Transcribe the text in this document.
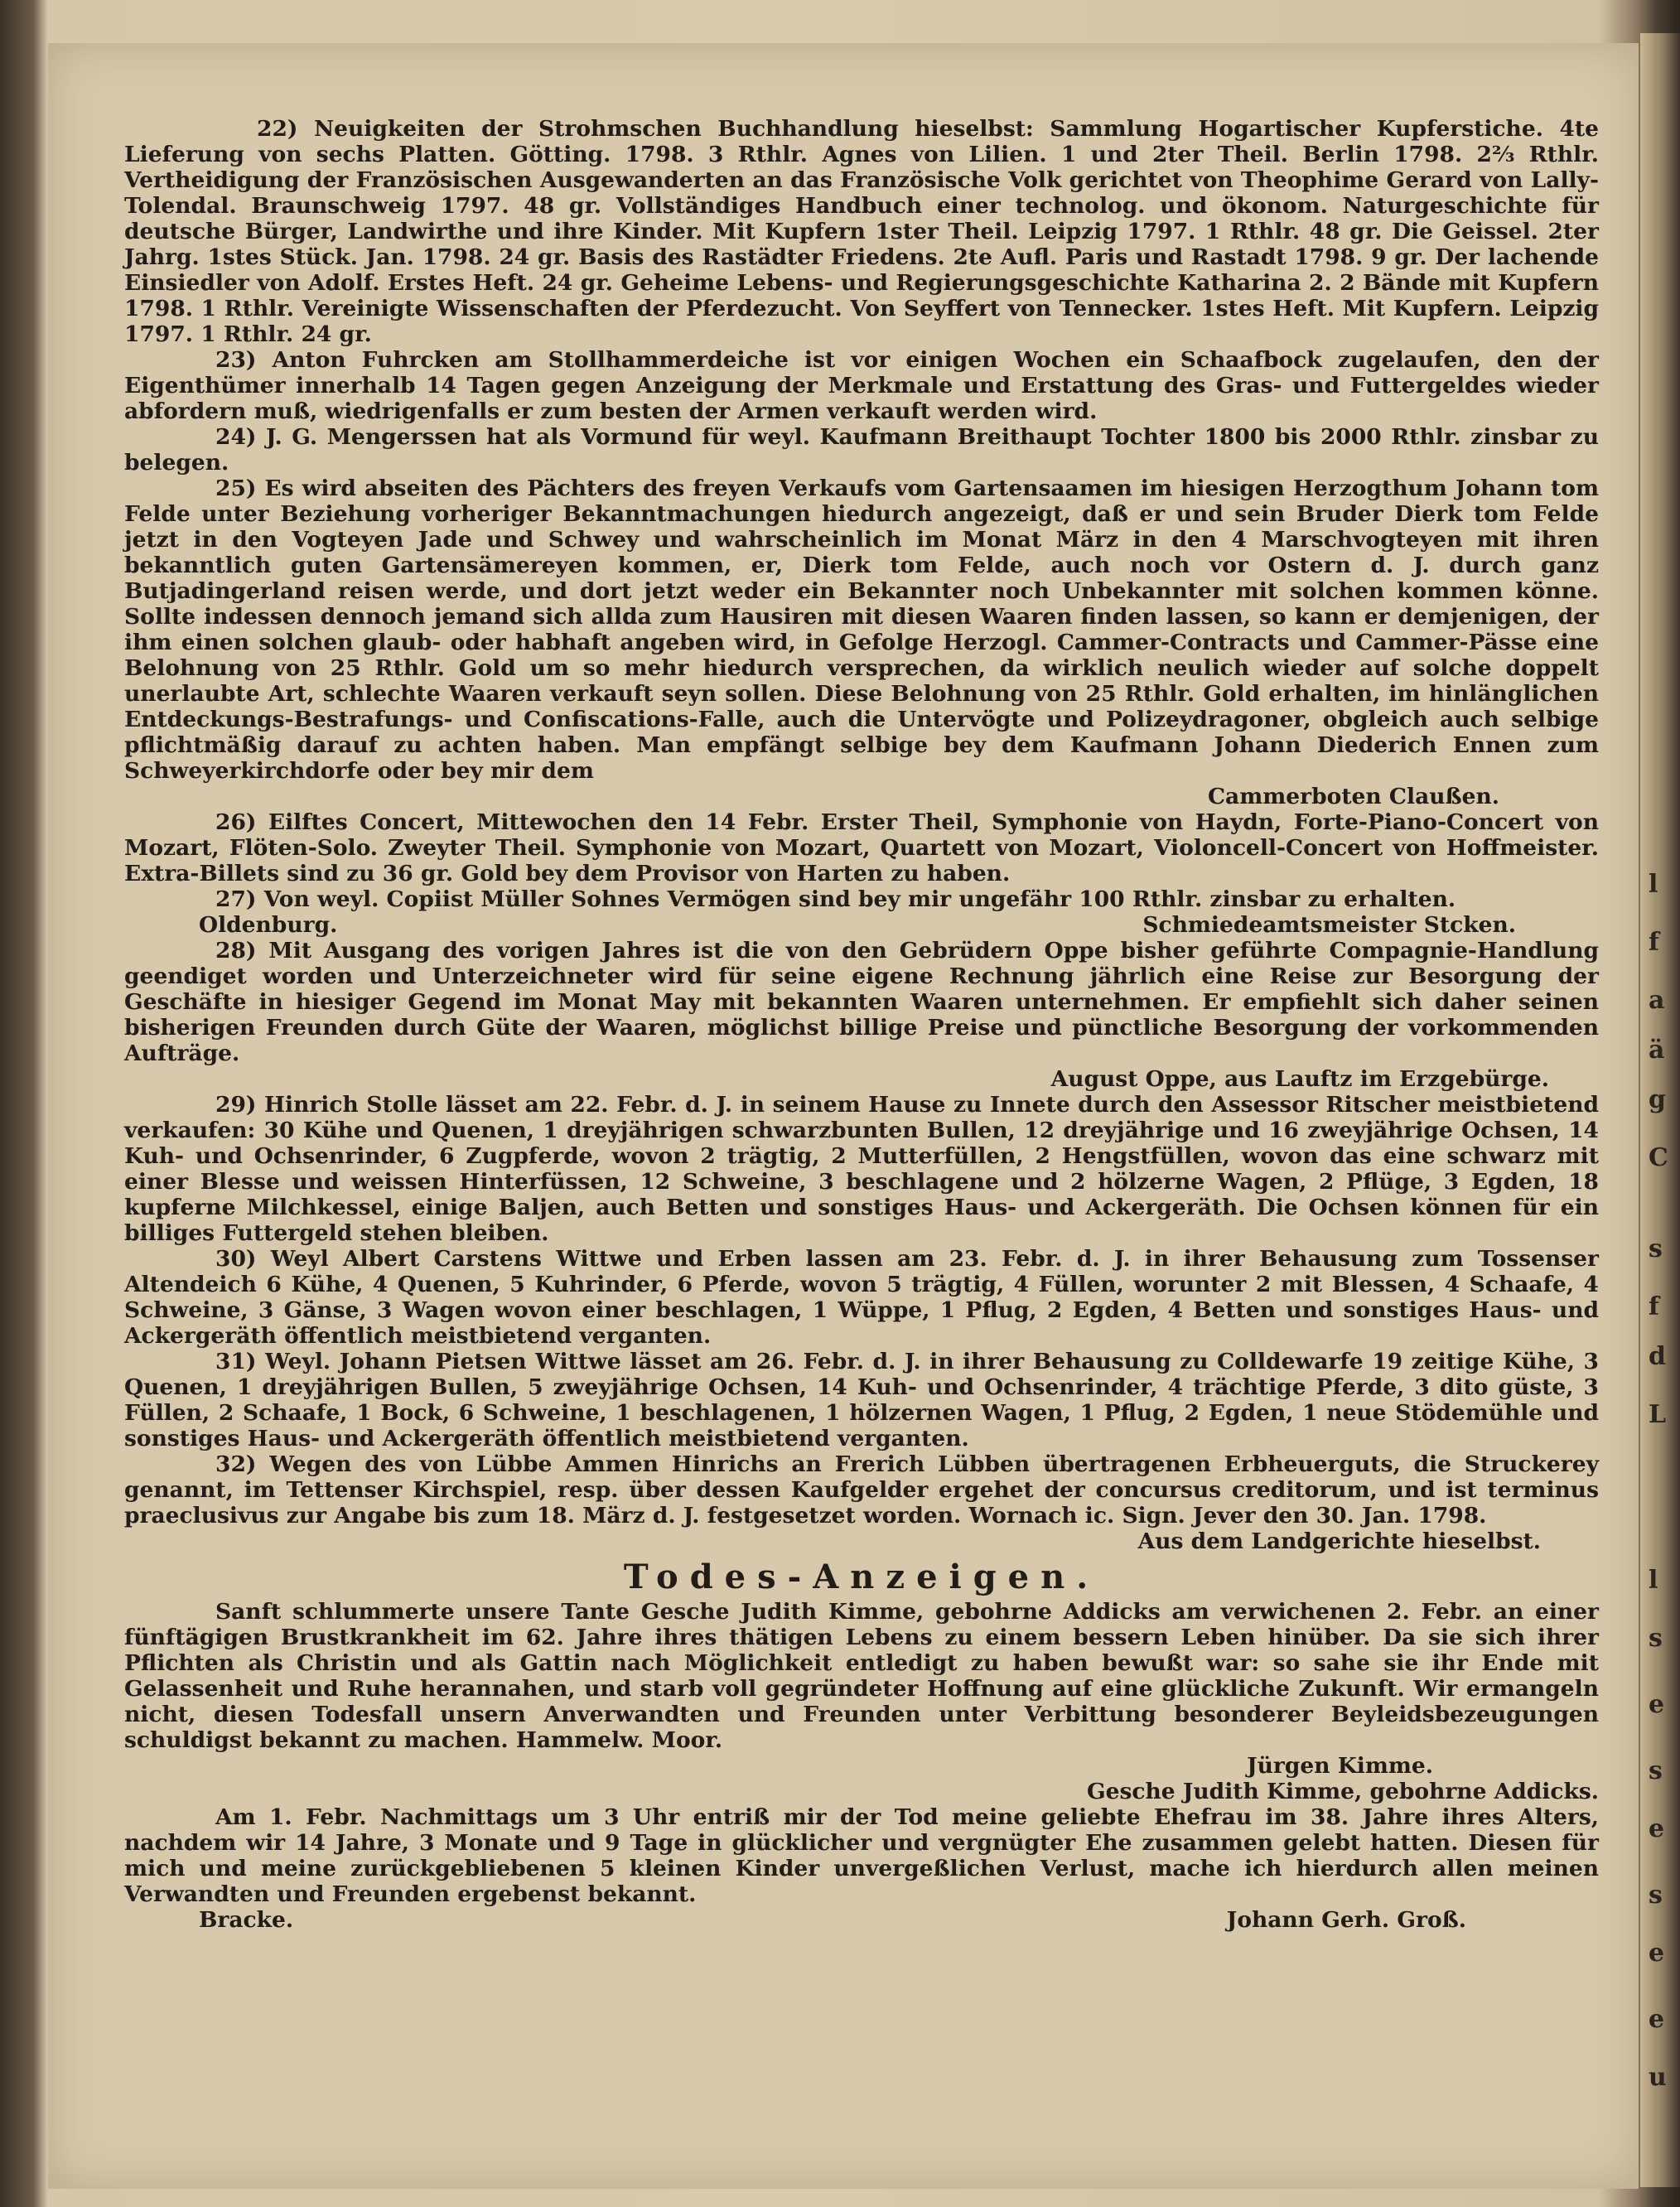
l
f
a
ä
g
C
s
f
d
L
l
s
e
s
e
s
e
e
u

22) Neuigkeiten der Strohmschen Buchhandlung hieselbst: Sammlung Hogartischer Kupferstiche. 4te Lieferung von sechs Platten. Götting. 1798. 3 Rthlr. Agnes von Lilien. 1 und 2ter Theil. Berlin 1798. 2⅔ Rthlr. Vertheidigung der Französischen Ausgewanderten an das Französische Volk gerichtet von Theophime Gerard von Lally-Tolendal. Braunschweig 1797. 48 gr. Vollständiges Handbuch einer technolog. und ökonom. Naturgeschichte für deutsche Bürger, Landwirthe und ihre Kinder. Mit Kupfern 1ster Theil. Leipzig 1797. 1 Rthlr. 48 gr. Die Geissel. 2ter Jahrg. 1stes Stück. Jan. 1798. 24 gr. Basis des Rastädter Friedens. 2te Aufl. Paris und Rastadt 1798. 9 gr. Der lachende Einsiedler von Adolf. Erstes Heft. 24 gr. Geheime Lebens- und Regierungsgeschichte Katharina 2. 2 Bände mit Kupfern 1798. 1 Rthlr. Vereinigte Wissenschaften der Pferdezucht. Von Seyffert von Tennecker. 1stes Heft. Mit Kupfern. Leipzig 1797. 1 Rthlr. 24 gr.

23) Anton Fuhrcken am Stollhammerdeiche ist vor einigen Wochen ein Schaafbock zugelaufen, den der Eigenthümer innerhalb 14 Tagen gegen Anzeigung der Merkmale und Erstattung des Gras- und Futtergeldes wieder abfordern muß, wiedrigenfalls er zum besten der Armen verkauft werden wird.

24) J. G. Mengerssen hat als Vormund für weyl. Kaufmann Breithaupt Tochter 1800 bis 2000 Rthlr. zinsbar zu belegen.

25) Es wird abseiten des Pächters des freyen Verkaufs vom Gartensaamen im hiesigen Herzogthum Johann tom Felde unter Beziehung vorheriger Bekanntmachungen hiedurch angezeigt, daß er und sein Bruder Dierk tom Felde jetzt in den Vogteyen Jade und Schwey und wahrscheinlich im Monat März in den 4 Marschvogteyen mit ihren bekanntlich guten Gartensämereyen kommen, er, Dierk tom Felde, auch noch vor Ostern d. J. durch ganz Butjadingerland reisen werde, und dort jetzt weder ein Bekannter noch Unbekannter mit solchen kommen könne. Sollte indessen dennoch jemand sich allda zum Hausiren mit diesen Waaren finden lassen, so kann er demjenigen, der ihm einen solchen glaub- oder habhaft angeben wird, in Gefolge Herzogl. Cammer-Contracts und Cammer-Pässe eine Belohnung von 25 Rthlr. Gold um so mehr hiedurch versprechen, da wirklich neulich wieder auf solche doppelt unerlaubte Art, schlechte Waaren verkauft seyn sollen. Diese Belohnung von 25 Rthlr. Gold erhalten, im hinlänglichen Entdeckungs-Bestrafungs- und Confiscations-Falle, auch die Untervögte und Polizeydragoner, obgleich auch selbige pflichtmäßig darauf zu achten haben. Man empfängt selbige bey dem Kaufmann Johann Diederich Ennen zum Schweyerkirchdorfe oder bey mir dem

Cammerboten Claußen.

26) Eilftes Concert, Mittewochen den 14 Febr. Erster Theil, Symphonie von Haydn, Forte-Piano-Concert von Mozart, Flöten-Solo. Zweyter Theil. Symphonie von Mozart, Quartett von Mozart, Violoncell-Concert von Hoffmeister. Extra-Billets sind zu 36 gr. Gold bey dem Provisor von Harten zu haben.

27) Von weyl. Copiist Müller Sohnes Vermögen sind bey mir ungefähr 100 Rthlr. zinsbar zu erhalten.

Oldenburg.	Schmiedeamtsmeister Stcken.

28) Mit Ausgang des vorigen Jahres ist die von den Gebrüdern Oppe bisher geführte Compagnie-Handlung geendiget worden und Unterzeichneter wird für seine eigene Rechnung jährlich eine Reise zur Besorgung der Geschäfte in hiesiger Gegend im Monat May mit bekannten Waaren unternehmen. Er empfiehlt sich daher seinen bisherigen Freunden durch Güte der Waaren, möglichst billige Preise und pünctliche Besorgung der vorkommenden Aufträge.

August Oppe, aus Lauftz im Erzgebürge.

29) Hinrich Stolle lässet am 22. Febr. d. J. in seinem Hause zu Innete durch den Assessor Ritscher meistbietend verkaufen: 30 Kühe und Quenen, 1 dreyjährigen schwarzbunten Bullen, 12 dreyjährige und 16 zweyjährige Ochsen, 14 Kuh- und Ochsenrinder, 6 Zugpferde, wovon 2 trägtig, 2 Mutterfüllen, 2 Hengstfüllen, wovon das eine schwarz mit einer Blesse und weissen Hinterfüssen, 12 Schweine, 3 beschlagene und 2 hölzerne Wagen, 2 Pflüge, 3 Egden, 18 kupferne Milchkessel, einige Baljen, auch Betten und sonstiges Haus- und Ackergeräth. Die Ochsen können für ein billiges Futtergeld stehen bleiben.

30) Weyl Albert Carstens Wittwe und Erben lassen am 23. Febr. d. J. in ihrer Behausung zum Tossenser Altendeich 6 Kühe, 4 Quenen, 5 Kuhrinder, 6 Pferde, wovon 5 trägtig, 4 Füllen, worunter 2 mit Blessen, 4 Schaafe, 4 Schweine, 3 Gänse, 3 Wagen wovon einer beschlagen, 1 Wüppe, 1 Pflug, 2 Egden, 4 Betten und sonstiges Haus- und Ackergeräth öffentlich meistbietend verganten.

31) Weyl. Johann Pietsen Wittwe lässet am 26. Febr. d. J. in ihrer Behausung zu Colldewarfe 19 zeitige Kühe, 3 Quenen, 1 dreyjährigen Bullen, 5 zweyjährige Ochsen, 14 Kuh- und Ochsenrinder, 4 trächtige Pferde, 3 dito güste, 3 Füllen, 2 Schaafe, 1 Bock, 6 Schweine, 1 beschlagenen, 1 hölzernen Wagen, 1 Pflug, 2 Egden, 1 neue Stödemühle und sonstiges Haus- und Ackergeräth öffentlich meistbietend verganten.

32) Wegen des von Lübbe Ammen Hinrichs an Frerich Lübben übertragenen Erbheuerguts, die Struckerey genannt, im Tettenser Kirchspiel, resp. über dessen Kaufgelder ergehet der concursus creditorum, und ist terminus praeclusivus zur Angabe bis zum 18. März d. J. festgesetzet worden. Wornach ic. Sign. Jever den 30. Jan. 1798.

Aus dem Landgerichte hieselbst.

Todes-Anzeigen.

Sanft schlummerte unsere Tante Gesche Judith Kimme, gebohrne Addicks am verwichenen 2. Febr. an einer fünftägigen Brustkrankheit im 62. Jahre ihres thätigen Lebens zu einem bessern Leben hinüber. Da sie sich ihrer Pflichten als Christin und als Gattin nach Möglichkeit entledigt zu haben bewußt war: so sahe sie ihr Ende mit Gelassenheit und Ruhe herannahen, und starb voll gegründeter Hoffnung auf eine glückliche Zukunft. Wir ermangeln nicht, diesen Todesfall unsern Anverwandten und Freunden unter Verbittung besonderer Beyleidsbezeugungen schuldigst bekannt zu machen. Hammelw. Moor.

Jürgen Kimme.

Gesche Judith Kimme, gebohrne Addicks.

Am 1. Febr. Nachmittags um 3 Uhr entriß mir der Tod meine geliebte Ehefrau im 38. Jahre ihres Alters, nachdem wir 14 Jahre, 3 Monate und 9 Tage in glücklicher und vergnügter Ehe zusammen gelebt hatten. Diesen für mich und meine zurückgebliebenen 5 kleinen Kinder unvergeßlichen Verlust, mache ich hierdurch allen meinen Verwandten und Freunden ergebenst bekannt.

Bracke.	Johann Gerh. Groß.
